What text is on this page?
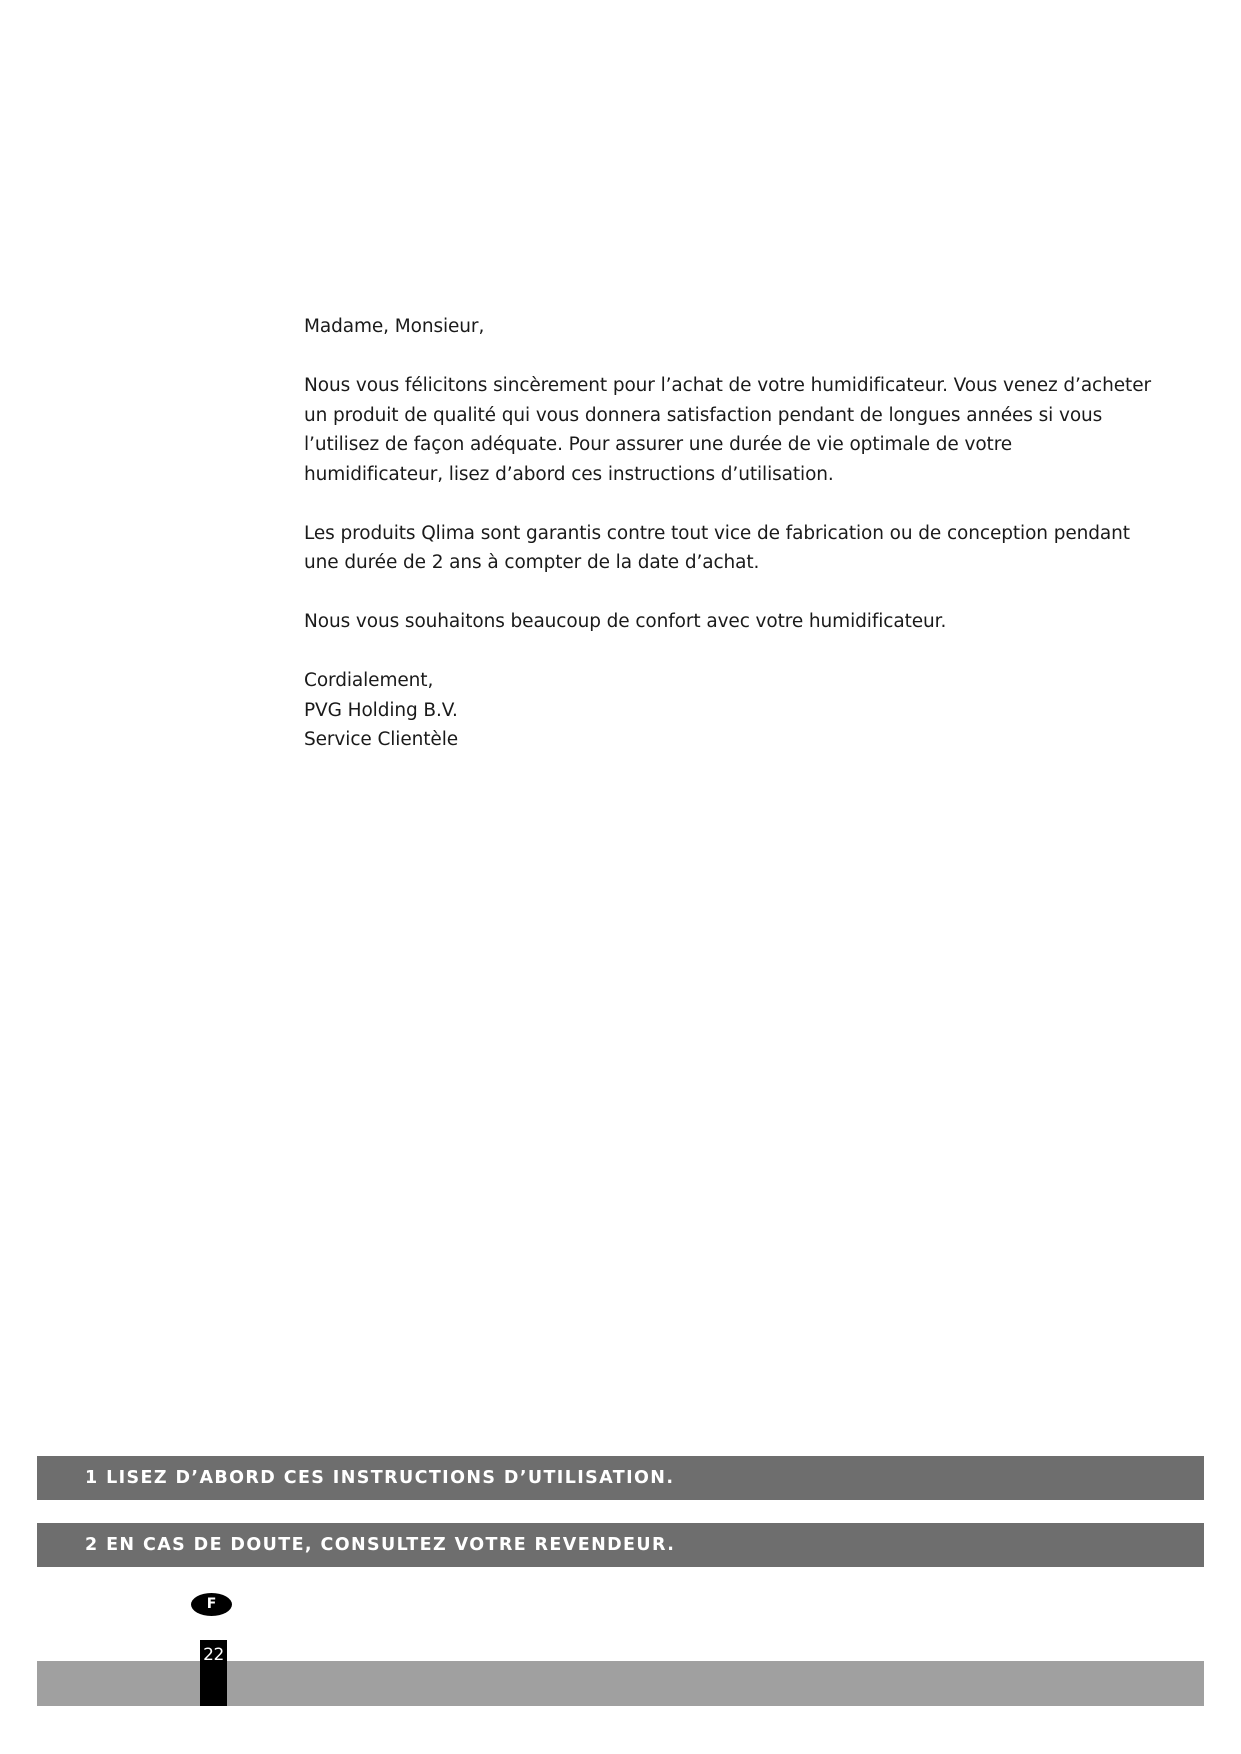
Madame, Monsieur,

Nous vous félicitons sincèrement pour l’achat de votre humidificateur. Vous venez d’acheter
un produit de qualité qui vous donnera satisfaction pendant de longues années si vous
l’utilisez de façon adéquate. Pour assurer une durée de vie optimale de votre
humidificateur, lisez d’abord ces instructions d’utilisation.

Les produits Qlima sont garantis contre tout vice de fabrication ou de conception pendant
une durée de 2 ans à compter de la date d’achat.

Nous vous souhaitons beaucoup de confort avec votre humidificateur.

Cordialement,
PVG Holding B.V.
Service Clientèle

1 LISEZ D’ABORD CES INSTRUCTIONS D’UTILISATION.
2 EN CAS DE DOUTE, CONSULTEZ VOTRE REVENDEUR.
F
22
